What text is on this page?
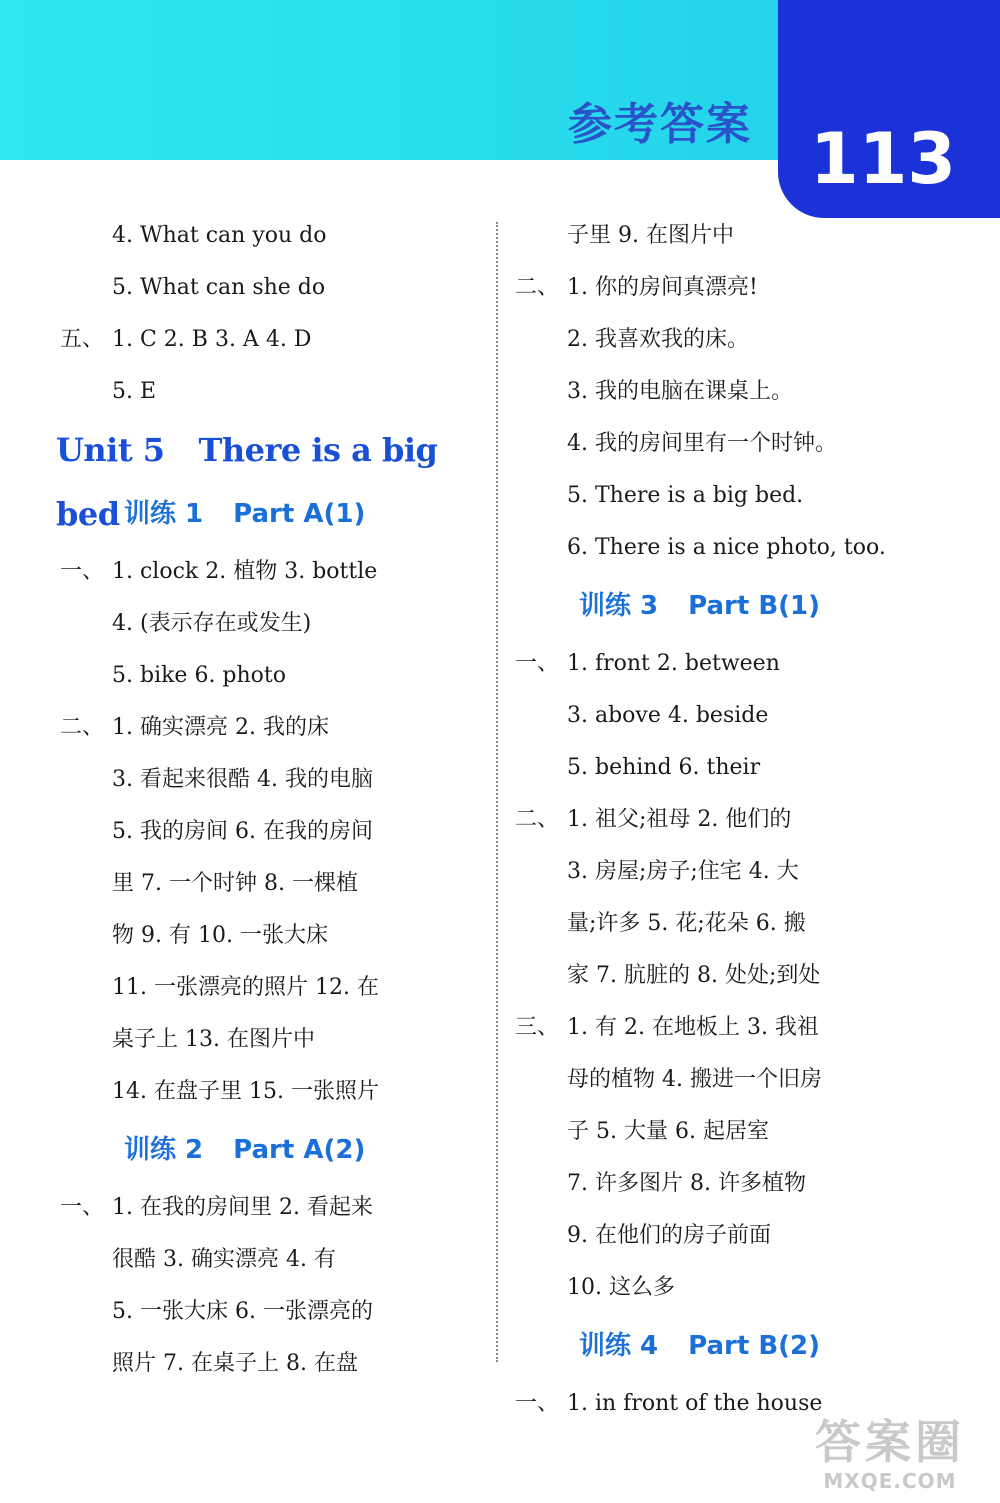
参考答案 113
4. What can you do
5. What can she do
五、 1. C 2. B 3. A 4. D
5. E
Unit 5 There is a big bed 训练 1 Part A(1)
一、 1. clock 2. 植物 3. bottle
4. (表示存在或发生)
5. bike 6. photo
二、 1. 确实漂亮 2. 我的床
3. 看起来很酷 4. 我的电脑
5. 我的房间 6. 在我的房间
里 7. 一个时钟 8. 一棵植
物 9. 有 10. 一张大床
11. 一张漂亮的照片 12. 在
桌子上 13. 在图片中
14. 在盘子里 15. 一张照片
训练 2 Part A(2)
一、 1. 在我的房间里 2. 看起来
很酷 3. 确实漂亮 4. 有
5. 一张大床 6. 一张漂亮的
照片 7. 在桌子上 8. 在盘
子里 9. 在图片中
二、 1. 你的房间真漂亮!
2. 我喜欢我的床。
3. 我的电脑在课桌上。
4. 我的房间里有一个时钟。
5. There is a big bed.
6. There is a nice photo, too.
训练 3 Part B(1)
一、 1. front 2. between
3. above 4. beside
5. behind 6. their
二、 1. 祖父;祖母 2. 他们的
3. 房屋;房子;住宅 4. 大
量;许多 5. 花;花朵 6. 搬
家 7. 肮脏的 8. 处处;到处
三、 1. 有 2. 在地板上 3. 我祖
母的植物 4. 搬进一个旧房
子 5. 大量 6. 起居室
7. 许多图片 8. 许多植物
9. 在他们的房子前面
10. 这么多
训练 4 Part B(2)
一、 1. in front of the house
答案圈
MXQE.COM
